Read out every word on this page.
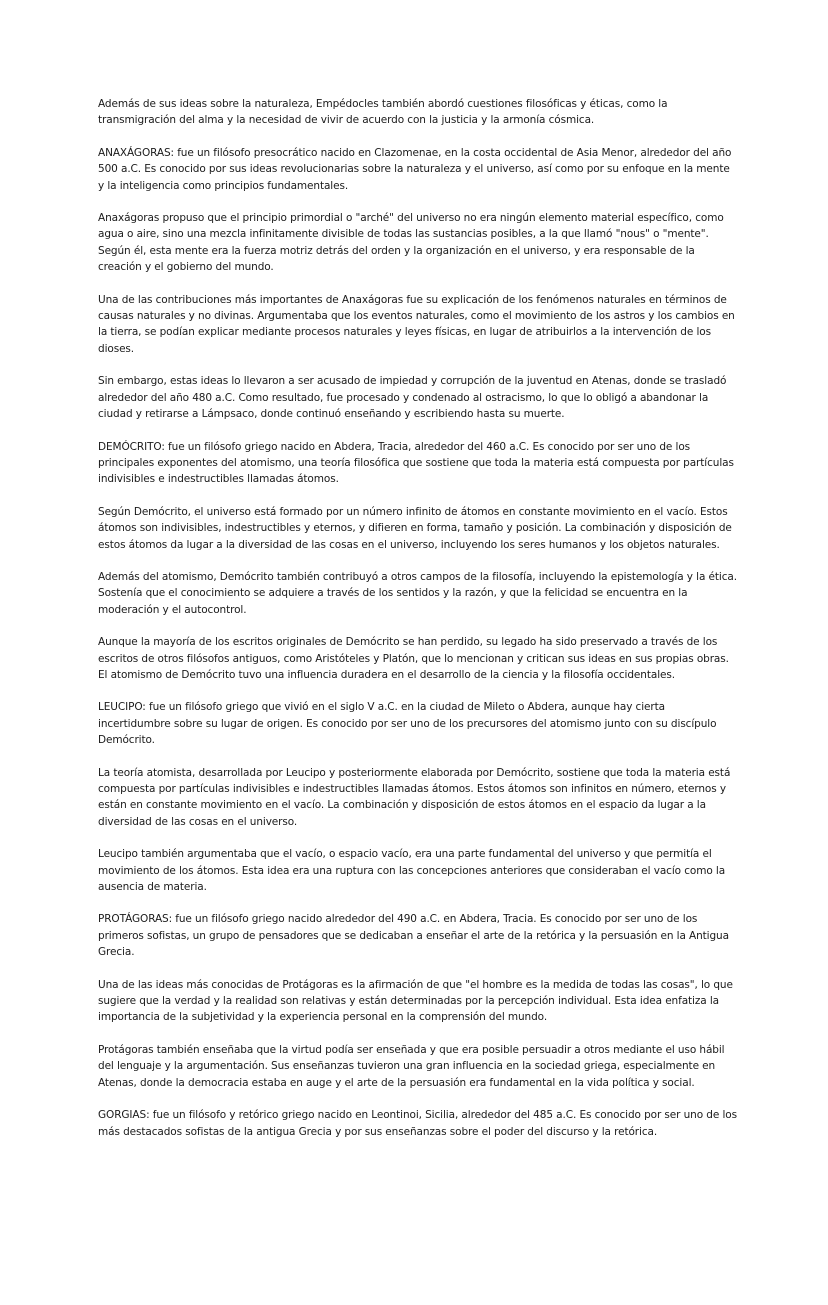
Además de sus ideas sobre la naturaleza, Empédocles también abordó cuestiones filosóficas y éticas, como la transmigración del alma y la necesidad de vivir de acuerdo con la justicia y la armonía cósmica.

ANAXÁGORAS: fue un filósofo presocrático nacido en Clazomenae, en la costa occidental de Asia Menor, alrededor del año 500 a.C. Es conocido por sus ideas revolucionarias sobre la naturaleza y el universo, así como por su enfoque en la mente y la inteligencia como principios fundamentales.

Anaxágoras propuso que el principio primordial o "arché" del universo no era ningún elemento material específico, como agua o aire, sino una mezcla infinitamente divisible de todas las sustancias posibles, a la que llamó "nous" o "mente". Según él, esta mente era la fuerza motriz detrás del orden y la organización en el universo, y era responsable de la creación y el gobierno del mundo.

Una de las contribuciones más importantes de Anaxágoras fue su explicación de los fenómenos naturales en términos de causas naturales y no divinas. Argumentaba que los eventos naturales, como el movimiento de los astros y los cambios en la tierra, se podían explicar mediante procesos naturales y leyes físicas, en lugar de atribuirlos a la intervención de los dioses.

Sin embargo, estas ideas lo llevaron a ser acusado de impiedad y corrupción de la juventud en Atenas, donde se trasladó alrededor del año 480 a.C. Como resultado, fue procesado y condenado al ostracismo, lo que lo obligó a abandonar la ciudad y retirarse a Lámpsaco, donde continuó enseñando y escribiendo hasta su muerte.

DEMÓCRITO: fue un filósofo griego nacido en Abdera, Tracia, alrededor del 460 a.C. Es conocido por ser uno de los principales exponentes del atomismo, una teoría filosófica que sostiene que toda la materia está compuesta por partículas indivisibles e indestructibles llamadas átomos.

Según Demócrito, el universo está formado por un número infinito de átomos en constante movimiento en el vacío. Estos átomos son indivisibles, indestructibles y eternos, y difieren en forma, tamaño y posición. La combinación y disposición de estos átomos da lugar a la diversidad de las cosas en el universo, incluyendo los seres humanos y los objetos naturales.

Además del atomismo, Demócrito también contribuyó a otros campos de la filosofía, incluyendo la epistemología y la ética. Sostenía que el conocimiento se adquiere a través de los sentidos y la razón, y que la felicidad se encuentra en la moderación y el autocontrol.

Aunque la mayoría de los escritos originales de Demócrito se han perdido, su legado ha sido preservado a través de los escritos de otros filósofos antiguos, como Aristóteles y Platón, que lo mencionan y critican sus ideas en sus propias obras. El atomismo de Demócrito tuvo una influencia duradera en el desarrollo de la ciencia y la filosofía occidentales.

LEUCIPO: fue un filósofo griego que vivió en el siglo V a.C. en la ciudad de Mileto o Abdera, aunque hay cierta incertidumbre sobre su lugar de origen. Es conocido por ser uno de los precursores del atomismo junto con su discípulo Demócrito.

La teoría atomista, desarrollada por Leucipo y posteriormente elaborada por Demócrito, sostiene que toda la materia está compuesta por partículas indivisibles e indestructibles llamadas átomos. Estos átomos son infinitos en número, eternos y están en constante movimiento en el vacío. La combinación y disposición de estos átomos en el espacio da lugar a la diversidad de las cosas en el universo.

Leucipo también argumentaba que el vacío, o espacio vacío, era una parte fundamental del universo y que permitía el movimiento de los átomos. Esta idea era una ruptura con las concepciones anteriores que consideraban el vacío como la ausencia de materia.

PROTÁGORAS: fue un filósofo griego nacido alrededor del 490 a.C. en Abdera, Tracia. Es conocido por ser uno de los primeros sofistas, un grupo de pensadores que se dedicaban a enseñar el arte de la retórica y la persuasión en la Antigua Grecia.

Una de las ideas más conocidas de Protágoras es la afirmación de que "el hombre es la medida de todas las cosas", lo que sugiere que la verdad y la realidad son relativas y están determinadas por la percepción individual. Esta idea enfatiza la importancia de la subjetividad y la experiencia personal en la comprensión del mundo.

Protágoras también enseñaba que la virtud podía ser enseñada y que era posible persuadir a otros mediante el uso hábil del lenguaje y la argumentación. Sus enseñanzas tuvieron una gran influencia en la sociedad griega, especialmente en Atenas, donde la democracia estaba en auge y el arte de la persuasión era fundamental en la vida política y social.

GORGIAS: fue un filósofo y retórico griego nacido en Leontinoi, Sicilia, alrededor del 485 a.C. Es conocido por ser uno de los más destacados sofistas de la antigua Grecia y por sus enseñanzas sobre el poder del discurso y la retórica.
